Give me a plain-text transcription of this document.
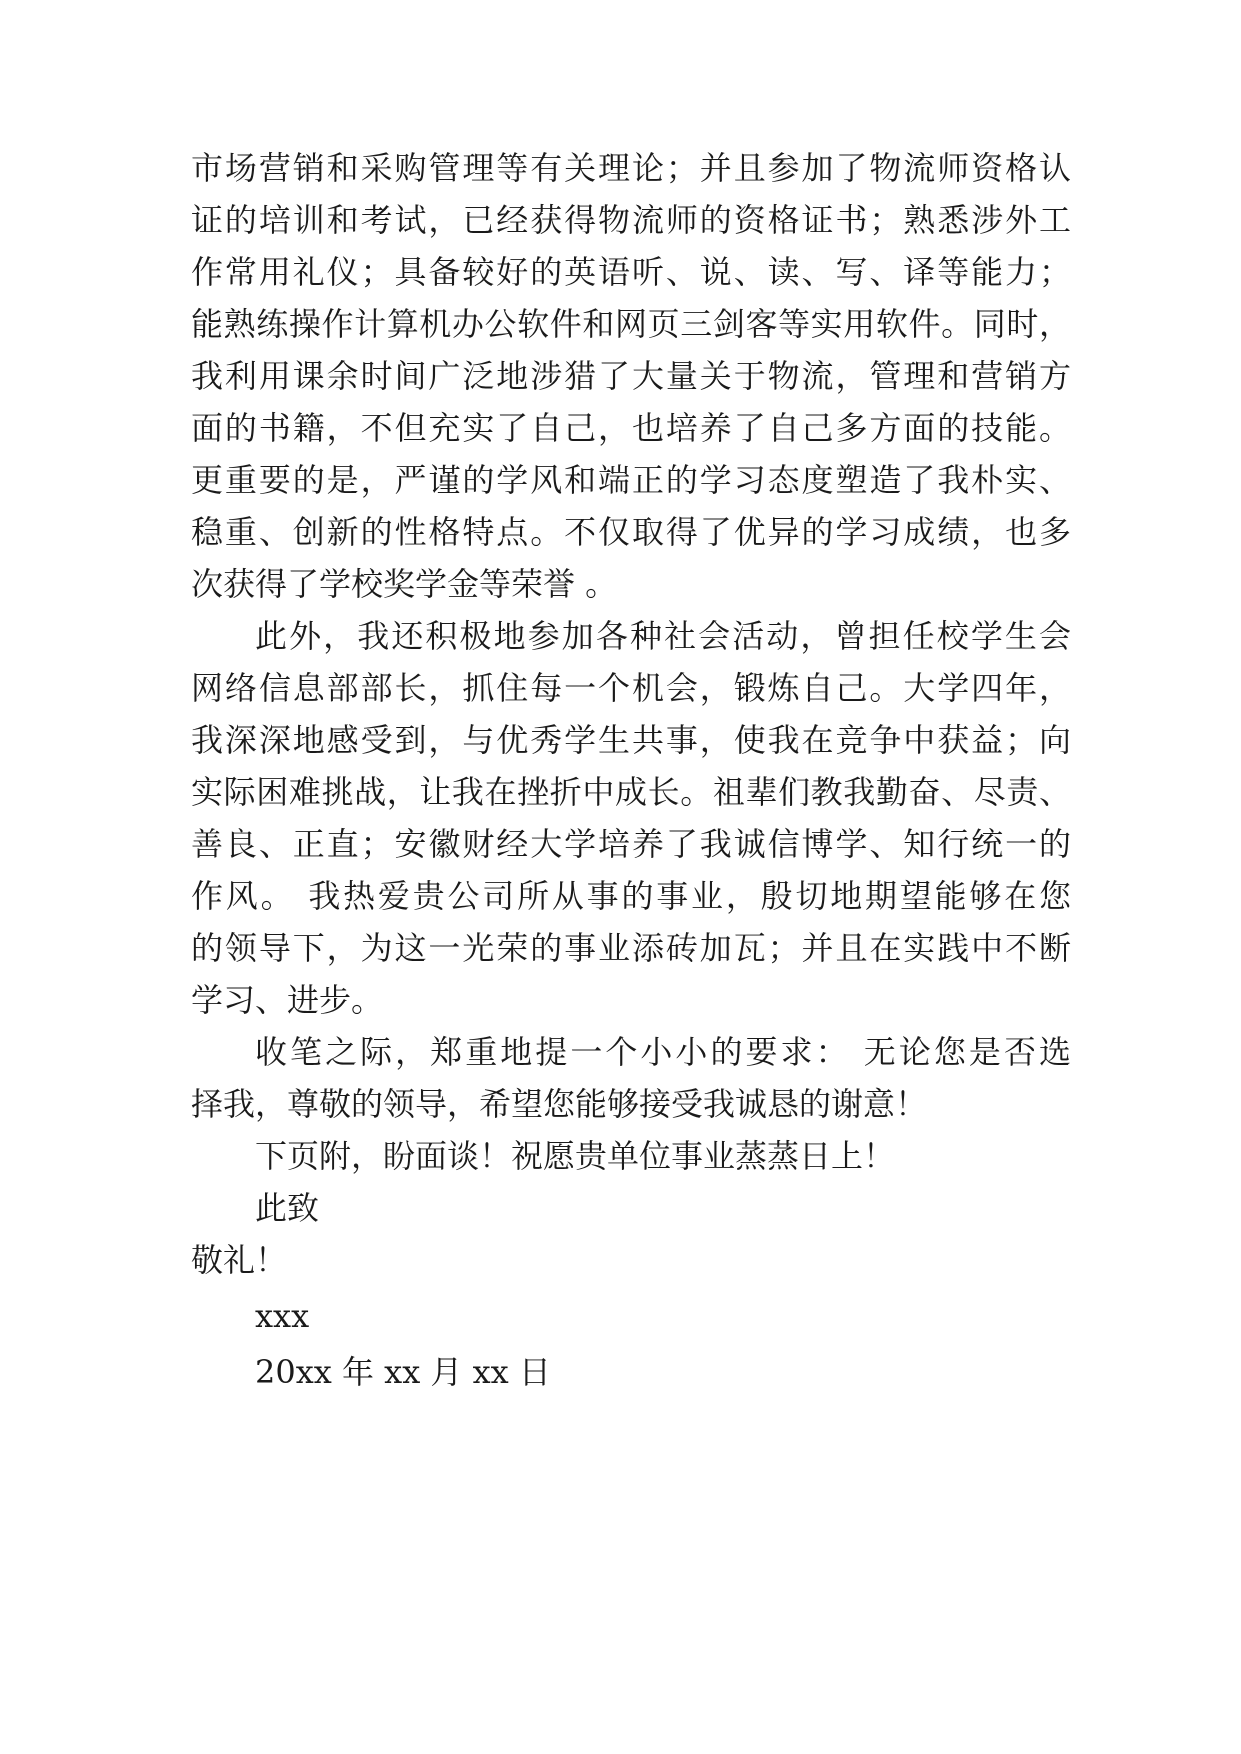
市场营销和采购管理等有关理论；并且参加了物流师资格认
证的培训和考试，已经获得物流师的资格证书；熟悉涉外工
作常用礼仪；具备较好的英语听、说、读、写、译等能力；
能熟练操作计算机办公软件和网页三剑客等实用软件。同时，
我利用课余时间广泛地涉猎了大量关于物流，管理和营销方
面的书籍，不但充实了自己，也培养了自己多方面的技能。
更重要的是，严谨的学风和端正的学习态度塑造了我朴实、
稳重、创新的性格特点。不仅取得了优异的学习成绩，也多
次获得了学校奖学金等荣誉 。
此外，我还积极地参加各种社会活动，曾担任校学生会
网络信息部部长，抓住每一个机会，锻炼自己。大学四年，
我深深地感受到，与优秀学生共事，使我在竞争中获益；向
实际困难挑战，让我在挫折中成长。祖辈们教我勤奋、尽责、
善良、正直；安徽财经大学培养了我诚信博学、知行统一的
作风。 我热爱贵公司所从事的事业，殷切地期望能够在您
的领导下，为这一光荣的事业添砖加瓦；并且在实践中不断
学习、进步。
收笔之际，郑重地提一个小小的要求： 无论您是否选
择我，尊敬的领导，希望您能够接受我诚恳的谢意！
下页附，盼面谈！祝愿贵单位事业蒸蒸日上！
此致
敬礼！
xxx
20xx 年 xx 月 xx 日
